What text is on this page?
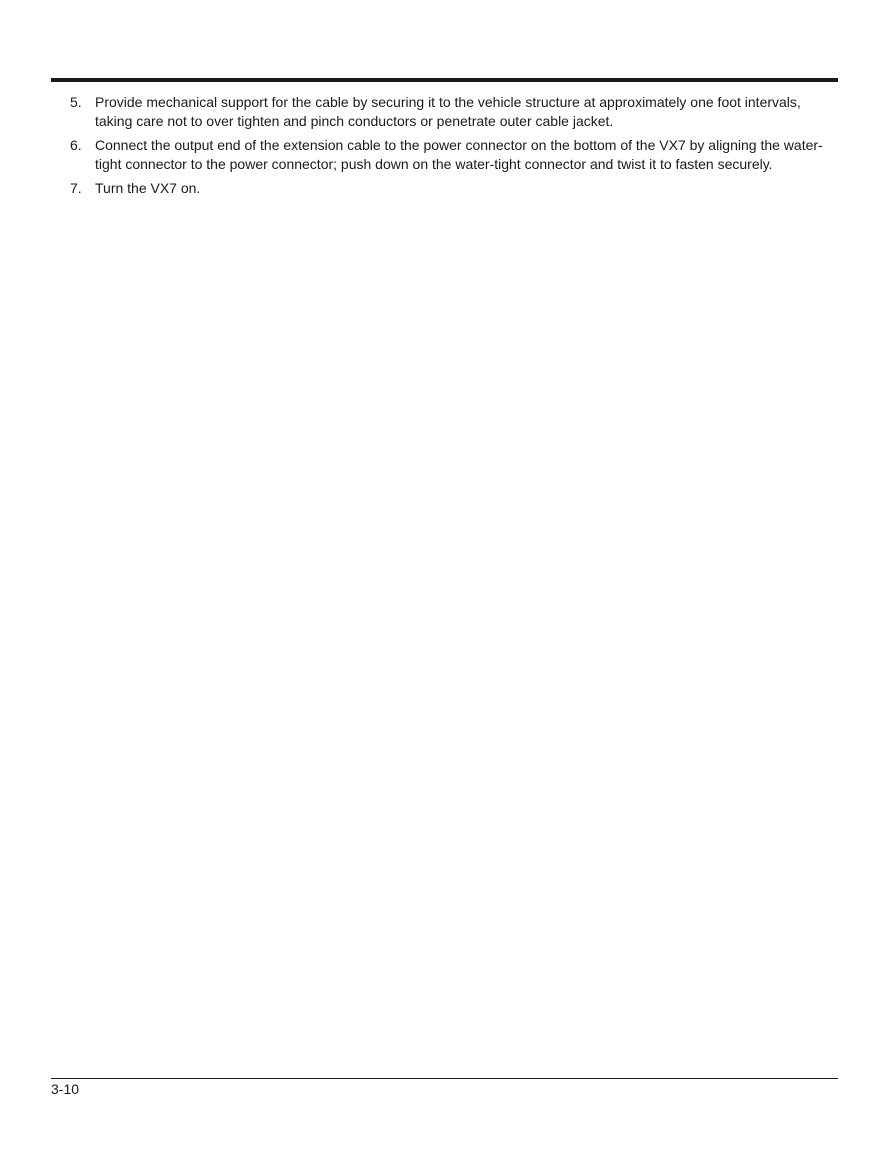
5. Provide mechanical support for the cable by securing it to the vehicle structure at approximately one foot intervals, taking care not to over tighten and pinch conductors or penetrate outer cable jacket.
6. Connect the output end of the extension cable to the power connector on the bottom of the VX7 by aligning the water-tight connector to the power connector; push down on the water-tight connector and twist it to fasten securely.
7. Turn the VX7 on.
3-10
